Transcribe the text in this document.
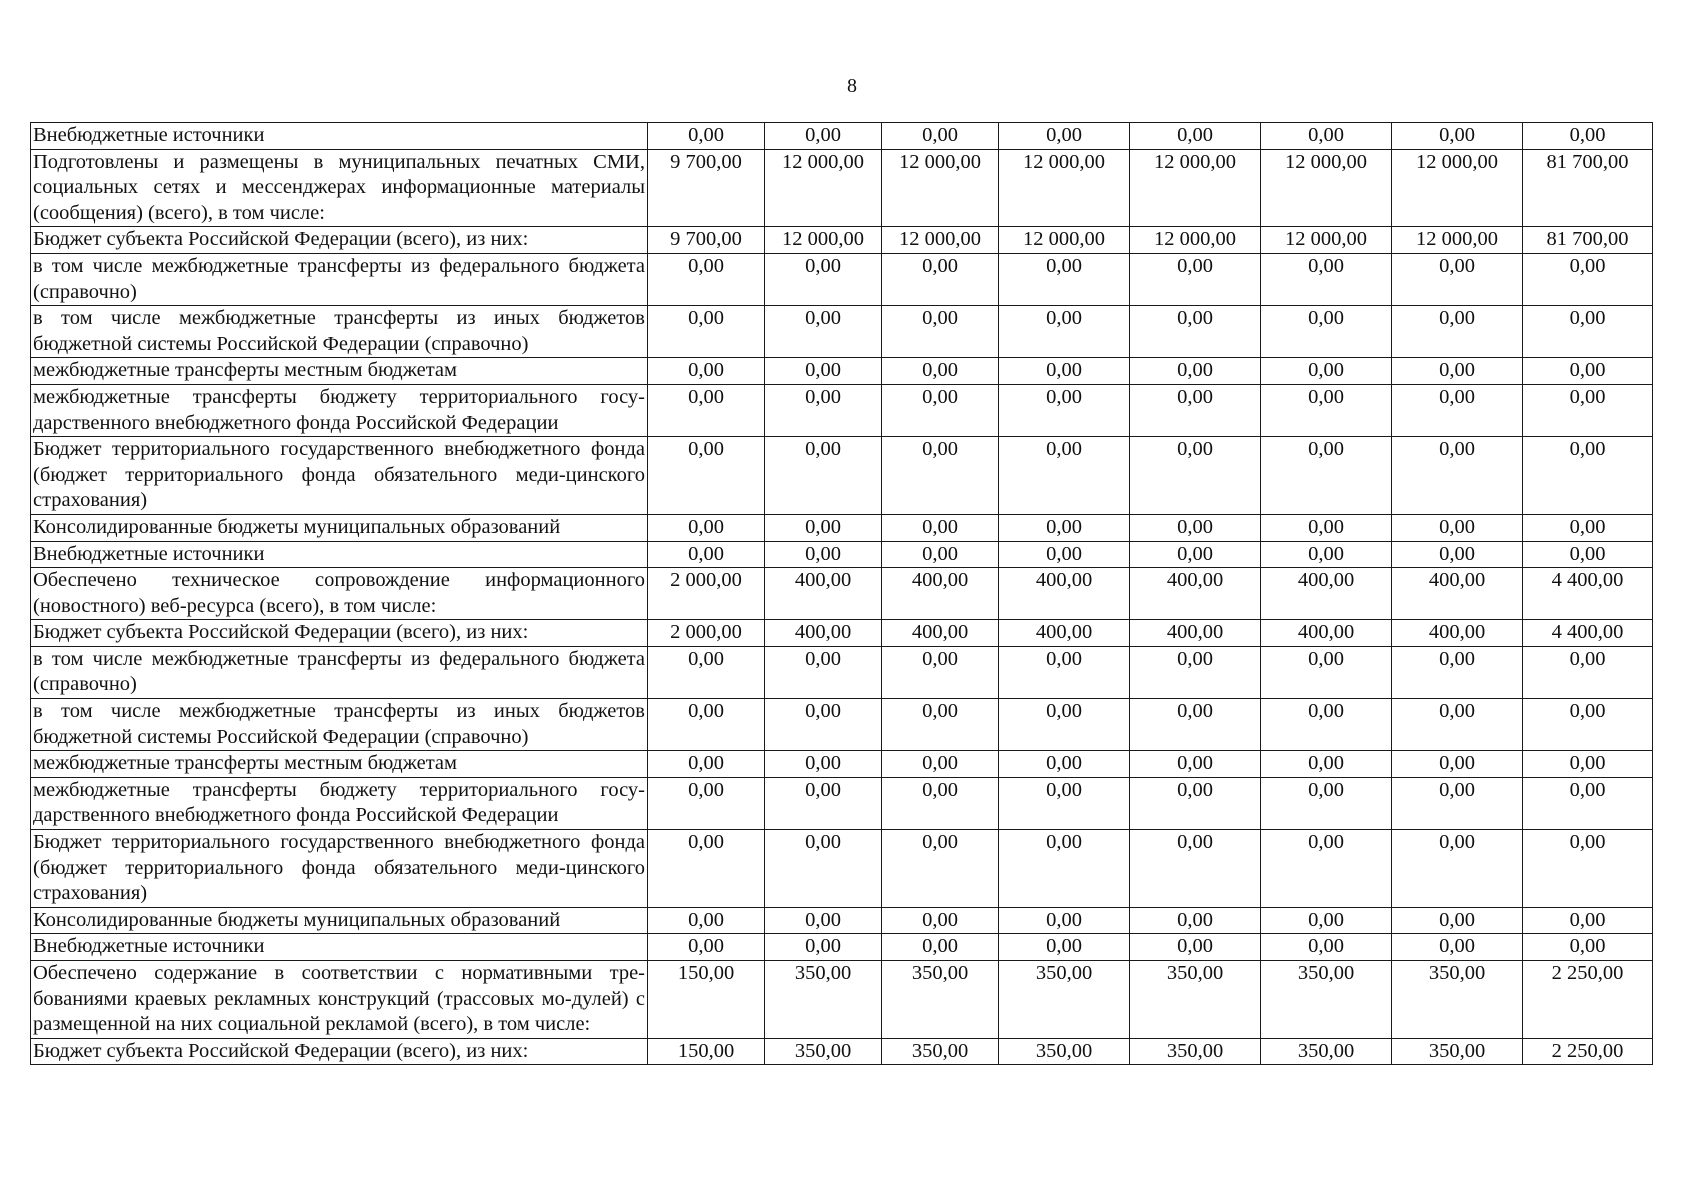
8
Внебюджетные источники	0,00	0,00	0,00	0,00	0,00	0,00	0,00	0,00
Подготовлены и размещены в муниципальных печатных СМИ, социальных сетях и мессенджерах информационные материалы (сообщения) (всего), в том числе:	9 700,00	12 000,00	12 000,00	12 000,00	12 000,00	12 000,00	12 000,00	81 700,00
Бюджет субъекта Российской Федерации (всего), из них:	9 700,00	12 000,00	12 000,00	12 000,00	12 000,00	12 000,00	12 000,00	81 700,00
в том числе межбюджетные трансферты из федерального бюджета (справочно)	0,00	0,00	0,00	0,00	0,00	0,00	0,00	0,00
в том числе межбюджетные трансферты из иных бюджетов бюджетной системы Российской Федерации (справочно)	0,00	0,00	0,00	0,00	0,00	0,00	0,00	0,00
межбюджетные трансферты местным бюджетам	0,00	0,00	0,00	0,00	0,00	0,00	0,00	0,00
межбюджетные трансферты бюджету территориального госу-дарственного внебюджетного фонда Российской Федерации	0,00	0,00	0,00	0,00	0,00	0,00	0,00	0,00
Бюджет территориального государственного внебюджетного фонда (бюджет территориального фонда обязательного меди-цинского страхования)	0,00	0,00	0,00	0,00	0,00	0,00	0,00	0,00
Консолидированные бюджеты муниципальных образований	0,00	0,00	0,00	0,00	0,00	0,00	0,00	0,00
Внебюджетные источники	0,00	0,00	0,00	0,00	0,00	0,00	0,00	0,00
Обеспечено техническое сопровождение информационного (новостного) веб-ресурса (всего), в том числе:	2 000,00	400,00	400,00	400,00	400,00	400,00	400,00	4 400,00
Бюджет субъекта Российской Федерации (всего), из них:	2 000,00	400,00	400,00	400,00	400,00	400,00	400,00	4 400,00
в том числе межбюджетные трансферты из федерального бюджета (справочно)	0,00	0,00	0,00	0,00	0,00	0,00	0,00	0,00
в том числе межбюджетные трансферты из иных бюджетов бюджетной системы Российской Федерации (справочно)	0,00	0,00	0,00	0,00	0,00	0,00	0,00	0,00
межбюджетные трансферты местным бюджетам	0,00	0,00	0,00	0,00	0,00	0,00	0,00	0,00
межбюджетные трансферты бюджету территориального госу-дарственного внебюджетного фонда Российской Федерации	0,00	0,00	0,00	0,00	0,00	0,00	0,00	0,00
Бюджет территориального государственного внебюджетного фонда (бюджет территориального фонда обязательного меди-цинского страхования)	0,00	0,00	0,00	0,00	0,00	0,00	0,00	0,00
Консолидированные бюджеты муниципальных образований	0,00	0,00	0,00	0,00	0,00	0,00	0,00	0,00
Внебюджетные источники	0,00	0,00	0,00	0,00	0,00	0,00	0,00	0,00
Обеспечено содержание в соответствии с нормативными тре-бованиями краевых рекламных конструкций (трассовых мо-дулей) с размещенной на них социальной рекламой (всего), в том числе:	150,00	350,00	350,00	350,00	350,00	350,00	350,00	2 250,00
Бюджет субъекта Российской Федерации (всего), из них:	150,00	350,00	350,00	350,00	350,00	350,00	350,00	2 250,00
